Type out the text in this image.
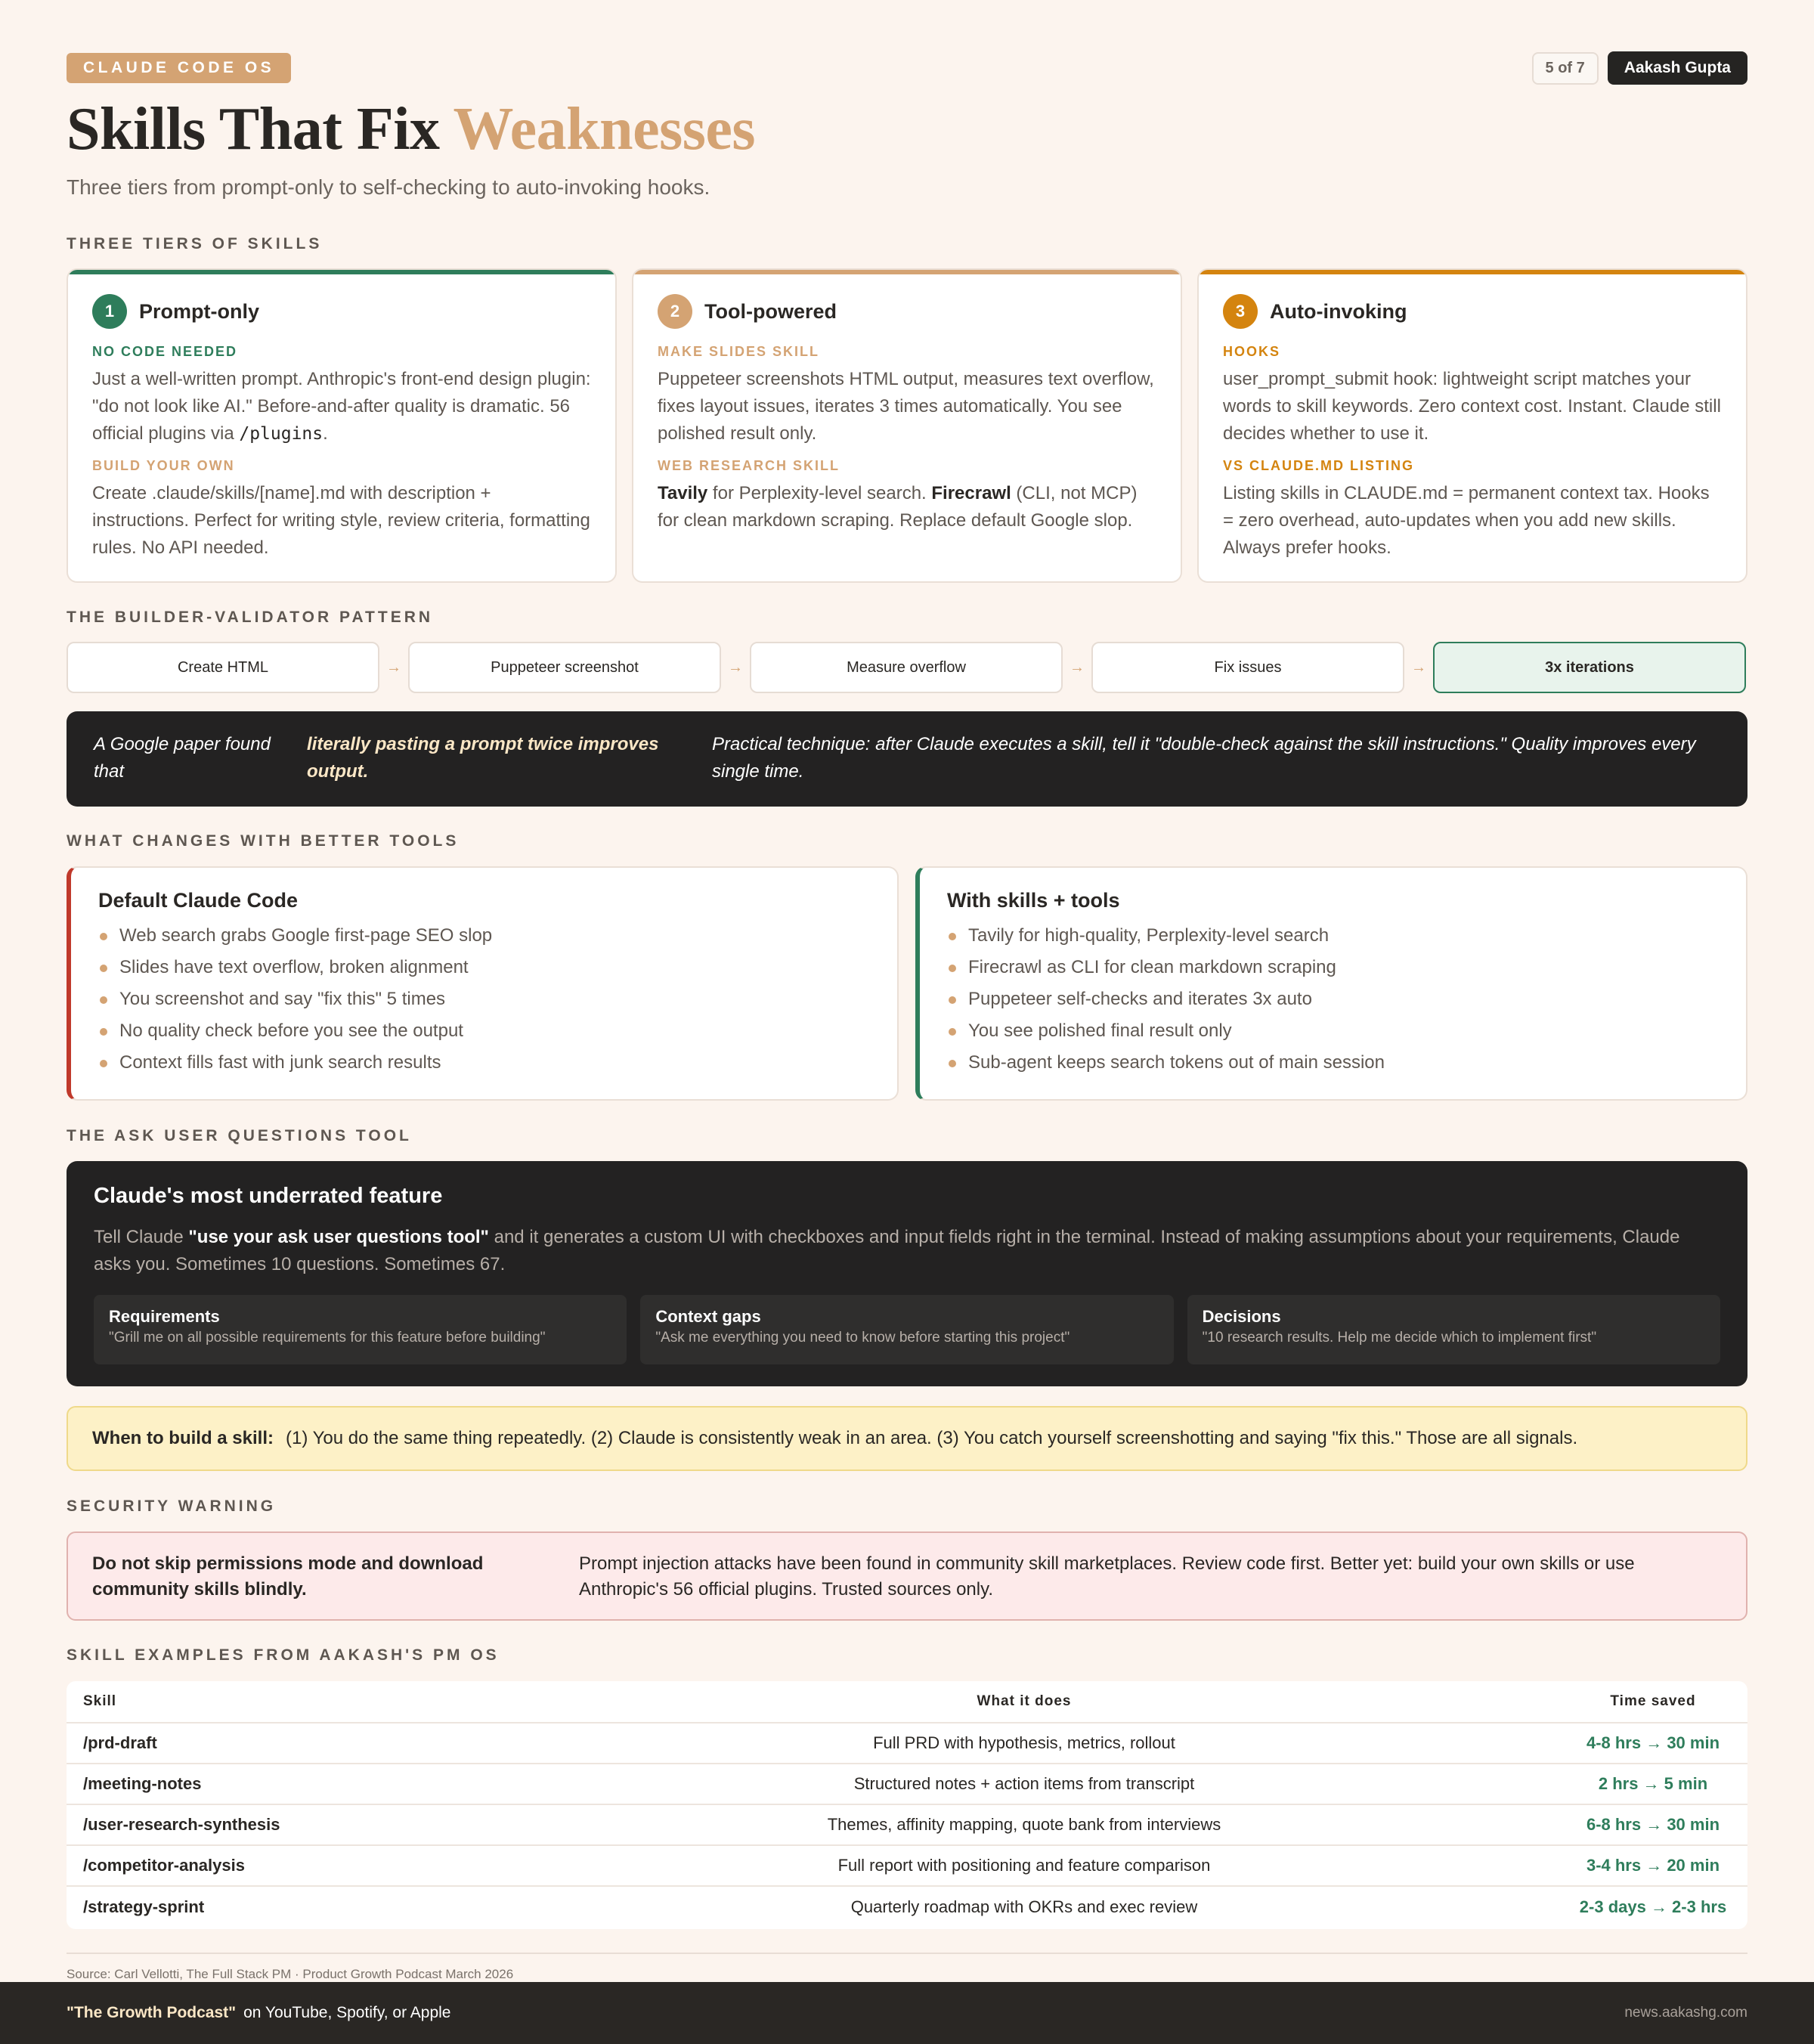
CLAUDE CODE OS	5 of 7	Aakash Gupta
Skills That Fix Weaknesses
Three tiers from prompt-only to self-checking to auto-invoking hooks.
THREE TIERS OF SKILLS
1	Prompt-only
NO CODE NEEDED
Just a well-written prompt. Anthropic's front-end design plugin: "do not look like AI." Before-and-after quality is dramatic. 56 official plugins via /plugins.
BUILD YOUR OWN
Create .claude/skills/[name].md with description + instructions. Perfect for writing style, review criteria, formatting rules. No API needed.
2	Tool-powered
MAKE SLIDES SKILL
Puppeteer screenshots HTML output, measures text overflow, fixes layout issues, iterates 3 times automatically. You see polished result only.
WEB RESEARCH SKILL
Tavily for Perplexity-level search. Firecrawl (CLI, not MCP) for clean markdown scraping. Replace default Google slop.
3	Auto-invoking
HOOKS
user_prompt_submit hook: lightweight script matches your words to skill keywords. Zero context cost. Instant. Claude still decides whether to use it.
VS CLAUDE.MD LISTING
Listing skills in CLAUDE.md = permanent context tax. Hooks = zero overhead, auto-updates when you add new skills. Always prefer hooks.
THE BUILDER-VALIDATOR PATTERN
Create HTML	→	Puppeteer screenshot	→	Measure overflow	→	Fix issues	→	3x iterations
A Google paper found that
literally pasting a prompt twice improves output.
Practical technique: after Claude executes a skill, tell it "double-check against the skill instructions." Quality improves every single time.
WHAT CHANGES WITH BETTER TOOLS
Default Claude Code
Web search grabs Google first-page SEO slop
Slides have text overflow, broken alignment
You screenshot and say "fix this" 5 times
No quality check before you see the output
Context fills fast with junk search results
With skills + tools
Tavily for high-quality, Perplexity-level search
Firecrawl as CLI for clean markdown scraping
Puppeteer self-checks and iterates 3x auto
You see polished final result only
Sub-agent keeps search tokens out of main session
THE ASK USER QUESTIONS TOOL
Claude's most underrated feature
Tell Claude "use your ask user questions tool" and it generates a custom UI with checkboxes and input fields right in the terminal. Instead of making assumptions about your requirements, Claude asks you. Sometimes 10 questions. Sometimes 67.
Requirements
"Grill me on all possible requirements for this feature before building"
Context gaps
"Ask me everything you need to know before starting this project"
Decisions
"10 research results. Help me decide which to implement first"
When to build a skill: (1) You do the same thing repeatedly. (2) Claude is consistently weak in an area. (3) You catch yourself screenshotting and saying "fix this." Those are all signals.
SECURITY WARNING
Do not skip permissions mode and download community skills blindly.
Prompt injection attacks have been found in community skill marketplaces. Review code first. Better yet: build your own skills or use Anthropic's 56 official plugins. Trusted sources only.
SKILL EXAMPLES FROM AAKASH'S PM OS
Skill	What it does	Time saved
/prd-draft	Full PRD with hypothesis, metrics, rollout	4-8 hrs → 30 min
/meeting-notes	Structured notes + action items from transcript	2 hrs → 5 min
/user-research-synthesis	Themes, affinity mapping, quote bank from interviews	6-8 hrs → 30 min
/competitor-analysis	Full report with positioning and feature comparison	3-4 hrs → 20 min
/strategy-sprint	Quarterly roadmap with OKRs and exec review	2-3 days → 2-3 hrs
Source: Carl Vellotti, The Full Stack PM · Product Growth Podcast March 2026
"The Growth Podcast" on YouTube, Spotify, or Apple	news.aakashg.com
